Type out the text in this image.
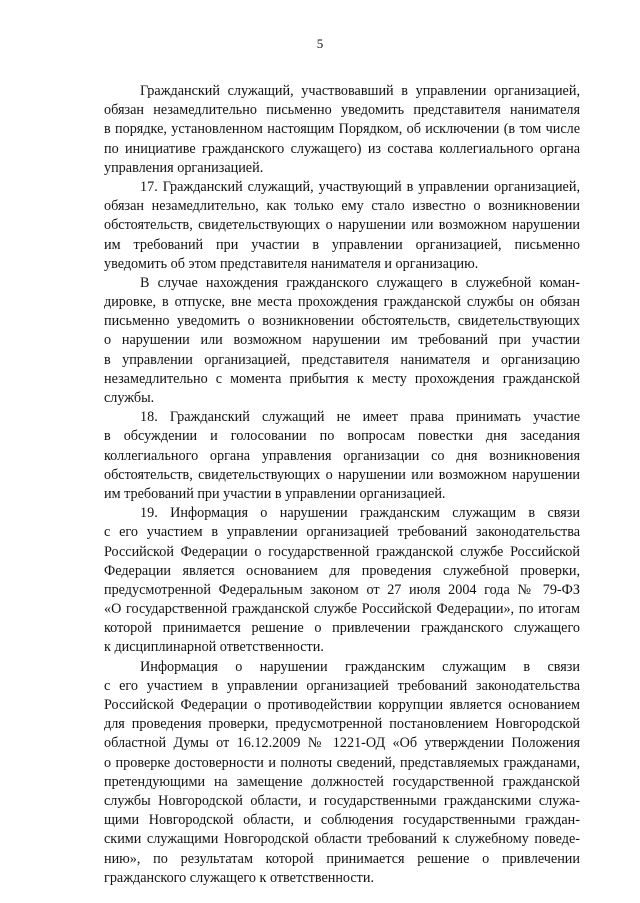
5
Гражданский служащий, участвовавший в управлении организацией,
обязан незамедлительно письменно уведомить представителя нанимателя
в порядке, установленном настоящим Порядком, об исключении (в том числе
по инициативе гражданского служащего) из состава коллегиального органа
управления организацией.
17. Гражданский служащий, участвующий в управлении организацией,
обязан незамедлительно, как только ему стало известно о возникновении
обстоятельств, свидетельствующих о нарушении или возможном нарушении
им требований при участии в управлении организацией, письменно
уведомить об этом представителя нанимателя и организацию.
В случае нахождения гражданского служащего в служебной коман-
дировке, в отпуске, вне места прохождения гражданской службы он обязан
письменно уведомить о возникновении обстоятельств, свидетельствующих
о нарушении или возможном нарушении им требований при участии
в управлении организацией, представителя нанимателя и организацию
незамедлительно с момента прибытия к месту прохождения гражданской
службы.
18. Гражданский служащий не имеет права принимать участие
в обсуждении и голосовании по вопросам повестки дня заседания
коллегиального органа управления организации со дня возникновения
обстоятельств, свидетельствующих о нарушении или возможном нарушении
им требований при участии в управлении организацией.
19. Информация о нарушении гражданским служащим в связи
с его участием в управлении организацией требований законодательства
Российской Федерации о государственной гражданской службе Российской
Федерации является основанием для проведения служебной проверки,
предусмотренной Федеральным законом от 27 июля 2004 года № 79-ФЗ
«О государственной гражданской службе Российской Федерации», по итогам
которой принимается решение о привлечении гражданского служащего
к дисциплинарной ответственности.
Информация о нарушении гражданским служащим в связи
с его участием в управлении организацией требований законодательства
Российской Федерации о противодействии коррупции является основанием
для проведения проверки, предусмотренной постановлением Новгородской
областной Думы от 16.12.2009 № 1221-ОД «Об утверждении Положения
о проверке достоверности и полноты сведений, представляемых гражданами,
претендующими на замещение должностей государственной гражданской
службы Новгородской области, и государственными гражданскими служа-
щими Новгородской области, и соблюдения государственными граждан-
скими служащими Новгородской области требований к служебному поведе-
нию», по результатам которой принимается решение о привлечении
гражданского служащего к ответственности.
